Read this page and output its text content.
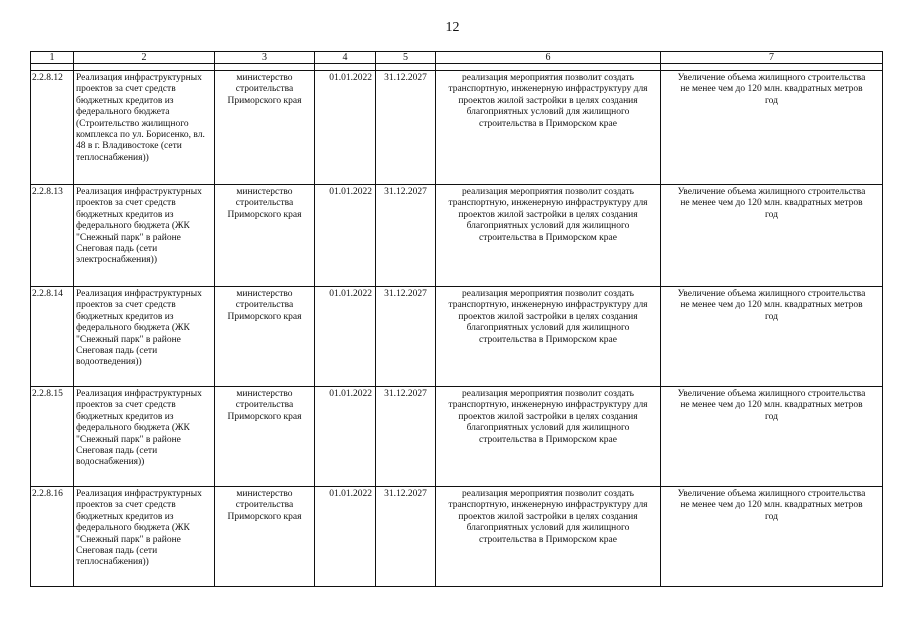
12
1	2	3	4	5	6	7

2.2.8.12	Реализация инфраструктурных проектов за счет средств бюджетных кредитов из федерального бюджета (Строительство жилищного комплекса по ул. Борисенко, вл. 48 в г. Владивостоке (сети теплоснабжения))	министерство строительства Приморского края	01.01.2022	31.12.2027	реализация мероприятия позволит создать транспортную, инженерную инфраструктуру для проектов жилой застройки в целях создания благоприятных условий для жилищного строительства в Приморском крае	Увеличение объема жилищного строительства не менее чем до 120 млн. квадратных метров год
2.2.8.13	Реализация инфраструктурных проектов за счет средств бюджетных кредитов из федерального бюджета (ЖК "Снежный парк" в районе Снеговая падь (сети электроснабжения))	министерство строительства Приморского края	01.01.2022	31.12.2027	реализация мероприятия позволит создать транспортную, инженерную инфраструктуру для проектов жилой застройки в целях создания благоприятных условий для жилищного строительства в Приморском крае	Увеличение объема жилищного строительства не менее чем до 120 млн. квадратных метров год
2.2.8.14	Реализация инфраструктурных проектов за счет средств бюджетных кредитов из федерального бюджета (ЖК "Снежный парк" в районе Снеговая падь (сети водоотведения))	министерство строительства Приморского края	01.01.2022	31.12.2027	реализация мероприятия позволит создать транспортную, инженерную инфраструктуру для проектов жилой застройки в целях создания благоприятных условий для жилищного строительства в Приморском крае	Увеличение объема жилищного строительства не менее чем до 120 млн. квадратных метров год
2.2.8.15	Реализация инфраструктурных проектов за счет средств бюджетных кредитов из федерального бюджета (ЖК "Снежный парк" в районе Снеговая падь (сети водоснабжения))	министерство строительства Приморского края	01.01.2022	31.12.2027	реализация мероприятия позволит создать транспортную, инженерную инфраструктуру для проектов жилой застройки в целях создания благоприятных условий для жилищного строительства в Приморском крае	Увеличение объема жилищного строительства не менее чем до 120 млн. квадратных метров год
2.2.8.16	Реализация инфраструктурных проектов за счет средств бюджетных кредитов из федерального бюджета (ЖК "Снежный парк" в районе Снеговая падь (сети теплоснабжения))	министерство строительства Приморского края	01.01.2022	31.12.2027	реализация мероприятия позволит создать транспортную, инженерную инфраструктуру для проектов жилой застройки в целях создания благоприятных условий для жилищного строительства в Приморском крае	Увеличение объема жилищного строительства не менее чем до 120 млн. квадратных метров год
